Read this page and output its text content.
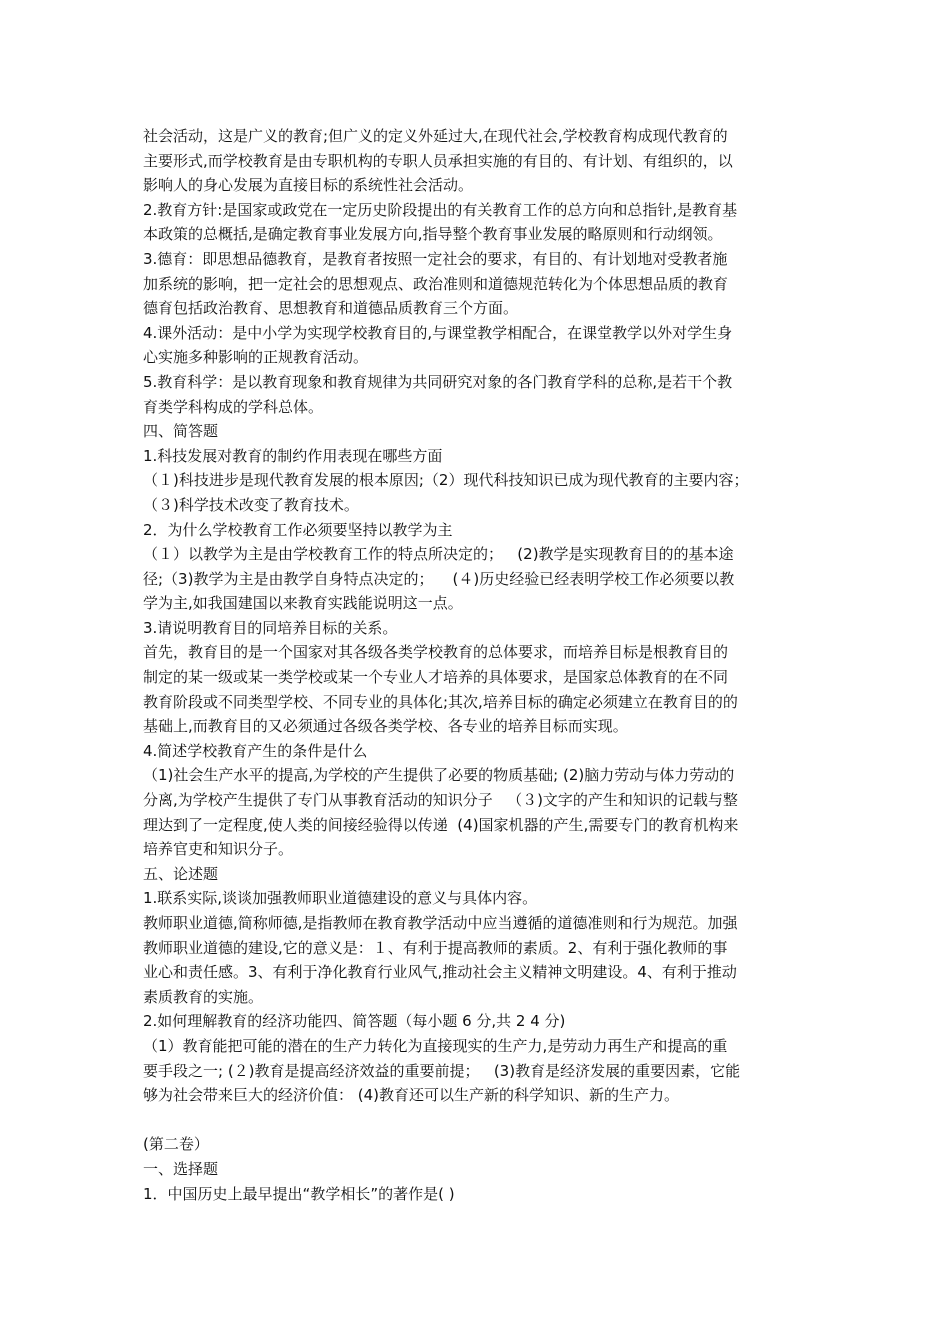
社会活动，这是广义的教育;但广义的定义外延过大,在现代社会,学校教育构成现代教育的
主要形式,而学校教育是由专职机构的专职人员承担实施的有目的、有计划、有组织的，以
影响人的身心发展为直接目标的系统性社会活动。
2.教育方针:是国家或政党在一定历史阶段提出的有关教育工作的总方向和总指针,是教育基
本政策的总概括,是确定教育事业发展方向,指导整个教育事业发展的略原则和行动纲领。
3.德育：即思想品德教育，是教育者按照一定社会的要求，有目的、有计划地对受教者施
加系统的影响，把一定社会的思想观点、政治准则和道德规范转化为个体思想品质的教育
德育包括政治教育、思想教育和道德品质教育三个方面。
4.课外活动：是中小学为实现学校教育目的,与课堂教学相配合，在课堂教学以外对学生身
心实施多种影响的正规教育活动。
5.教育科学：是以教育现象和教育规律为共同研究对象的各门教育学科的总称,是若干个教
育类学科构成的学科总体。
四、简答题
1.科技发展对教育的制约作用表现在哪些方面
（１)科技进步是现代教育发展的根本原因;（2）现代科技知识已成为现代教育的主要内容；
（３)科学技术改变了教育技术。
2．为什么学校教育工作必须要坚持以教学为主
（１）以教学为主是由学校教育工作的特点所决定的；   (2)教学是实现教育目的的基本途
径;（3)教学为主是由教学自身特点决定的；    (４)历史经验已经表明学校工作必须要以教
学为主,如我国建国以来教育实践能说明这一点。
3.请说明教育目的同培养目标的关系。
首先，教育目的是一个国家对其各级各类学校教育的总体要求，而培养目标是根教育目的
制定的某一级或某一类学校或某一个专业人才培养的具体要求，是国家总体教育的在不同
教育阶段或不同类型学校、不同专业的具体化;其次,培养目标的确定必须建立在教育目的的
基础上,而教育目的又必须通过各级各类学校、各专业的培养目标而实现。
4.简述学校教育产生的条件是什么
（1)社会生产水平的提高,为学校的产生提供了必要的物质基础; (2)脑力劳动与体力劳动的
分离,为学校产生提供了专门从事教育活动的知识分子   （３)文字的产生和知识的记载与整
理达到了一定程度,使人类的间接经验得以传递  (4)国家机器的产生,需要专门的教育机构来
培养官吏和知识分子。
五、论述题
1.联系实际,谈谈加强教师职业道德建设的意义与具体内容。
教师职业道德,简称师德,是指教师在教育教学活动中应当遵循的道德准则和行为规范。加强
教师职业道德的建设,它的意义是：１、有利于提高教师的素质。2、有利于强化教师的事
业心和责任感。3、有利于净化教育行业风气,推动社会主义精神文明建设。4、有利于推动
素质教育的实施。
2.如何理解教育的经济功能四、简答题（每小题 6 分,共 2 4 分)
（1）教育能把可能的潜在的生产力转化为直接现实的生产力,是劳动力再生产和提高的重
要手段之一; (２)教育是提高经济效益的重要前提；   (3)教育是经济发展的重要因素，它能
够为社会带来巨大的经济价值： (4)教育还可以生产新的科学知识、新的生产力。
(第二卷）
一、选择题
1．中国历史上最早提出“教学相长”的著作是( )
